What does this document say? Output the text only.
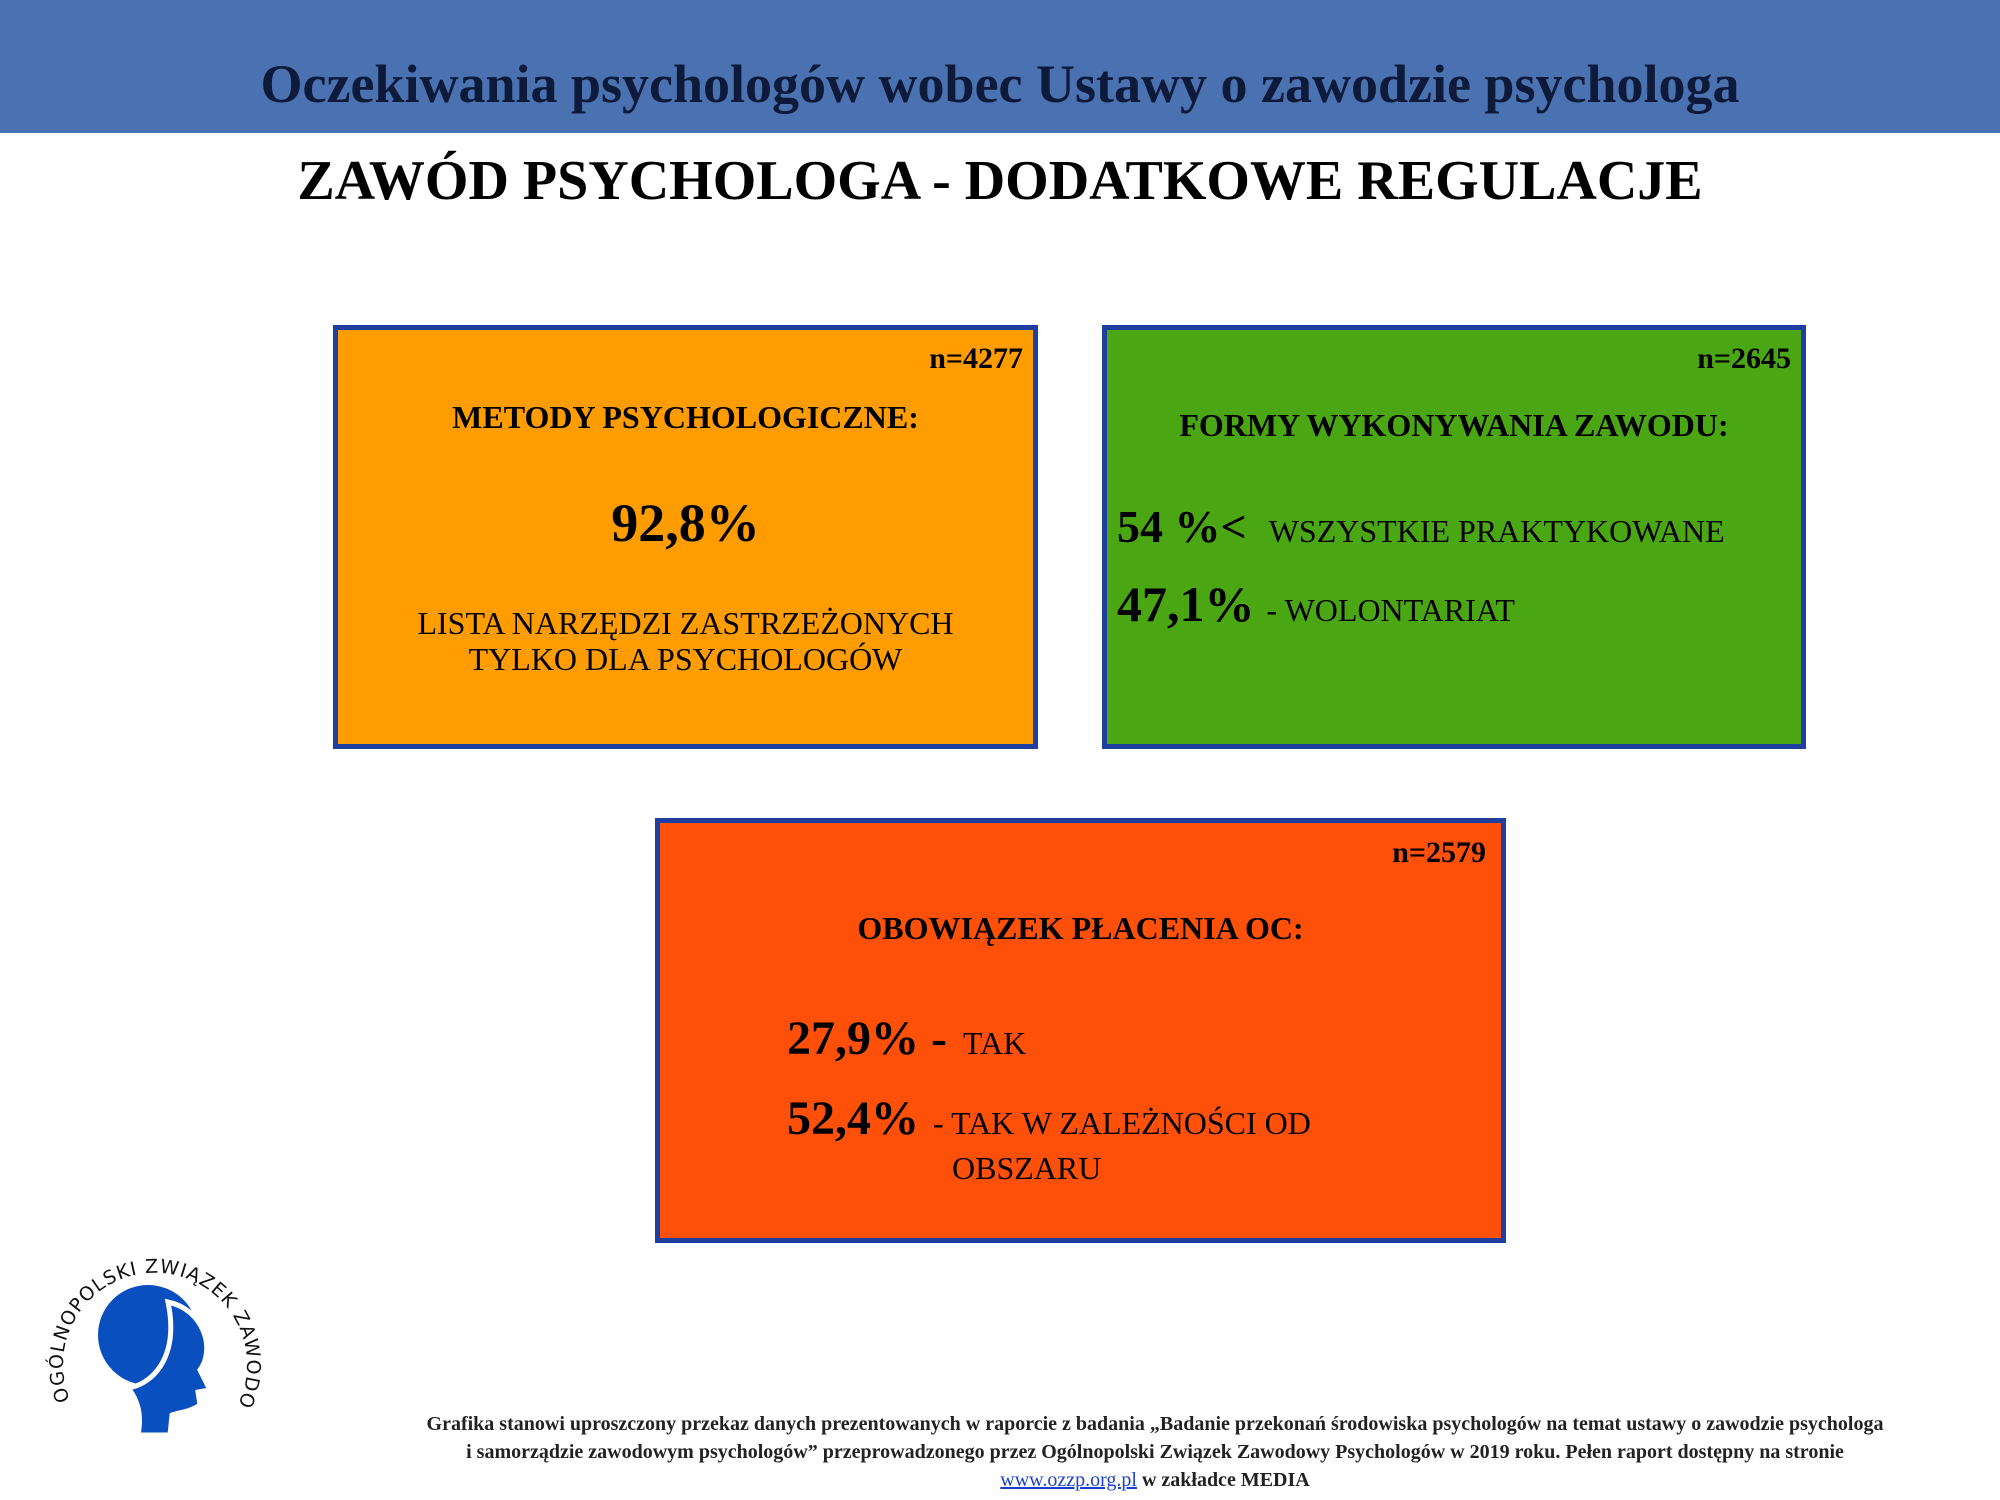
Oczekiwania psychologów wobec Ustawy o zawodzie psychologa
ZAWÓD PSYCHOLOGA - DODATKOWE REGULACJE
n=4277
METODY PSYCHOLOGICZNE:
92,8%
LISTA NARZĘDZI ZASTRZEŻONYCH
TYLKO DLA PSYCHOLOGÓW
n=2645
FORMY WYKONYWANIA ZAWODU:
54 %< WSZYSTKIE PRAKTYKOWANE
47,1% - WOLONTARIAT
n=2579
OBOWIĄZEK PŁACENIA OC:
27,9% - TAK
52,4% - TAK W ZALEŻNOŚCI OD
OBSZARU
OGÓLNOPOLSKI ZWIĄZEK ZAWODO
Grafika stanowi uproszczony przekaz danych prezentowanych w raporcie z badania „Badanie przekonań środowiska psychologów na temat ustawy o zawodzie psychologa
i samorządzie zawodowym psychologów” przeprowadzonego przez Ogólnopolski Związek Zawodowy Psychologów w 2019 roku. Pełen raport dostępny na stronie
www.ozzp.org.pl w zakładce MEDIA
